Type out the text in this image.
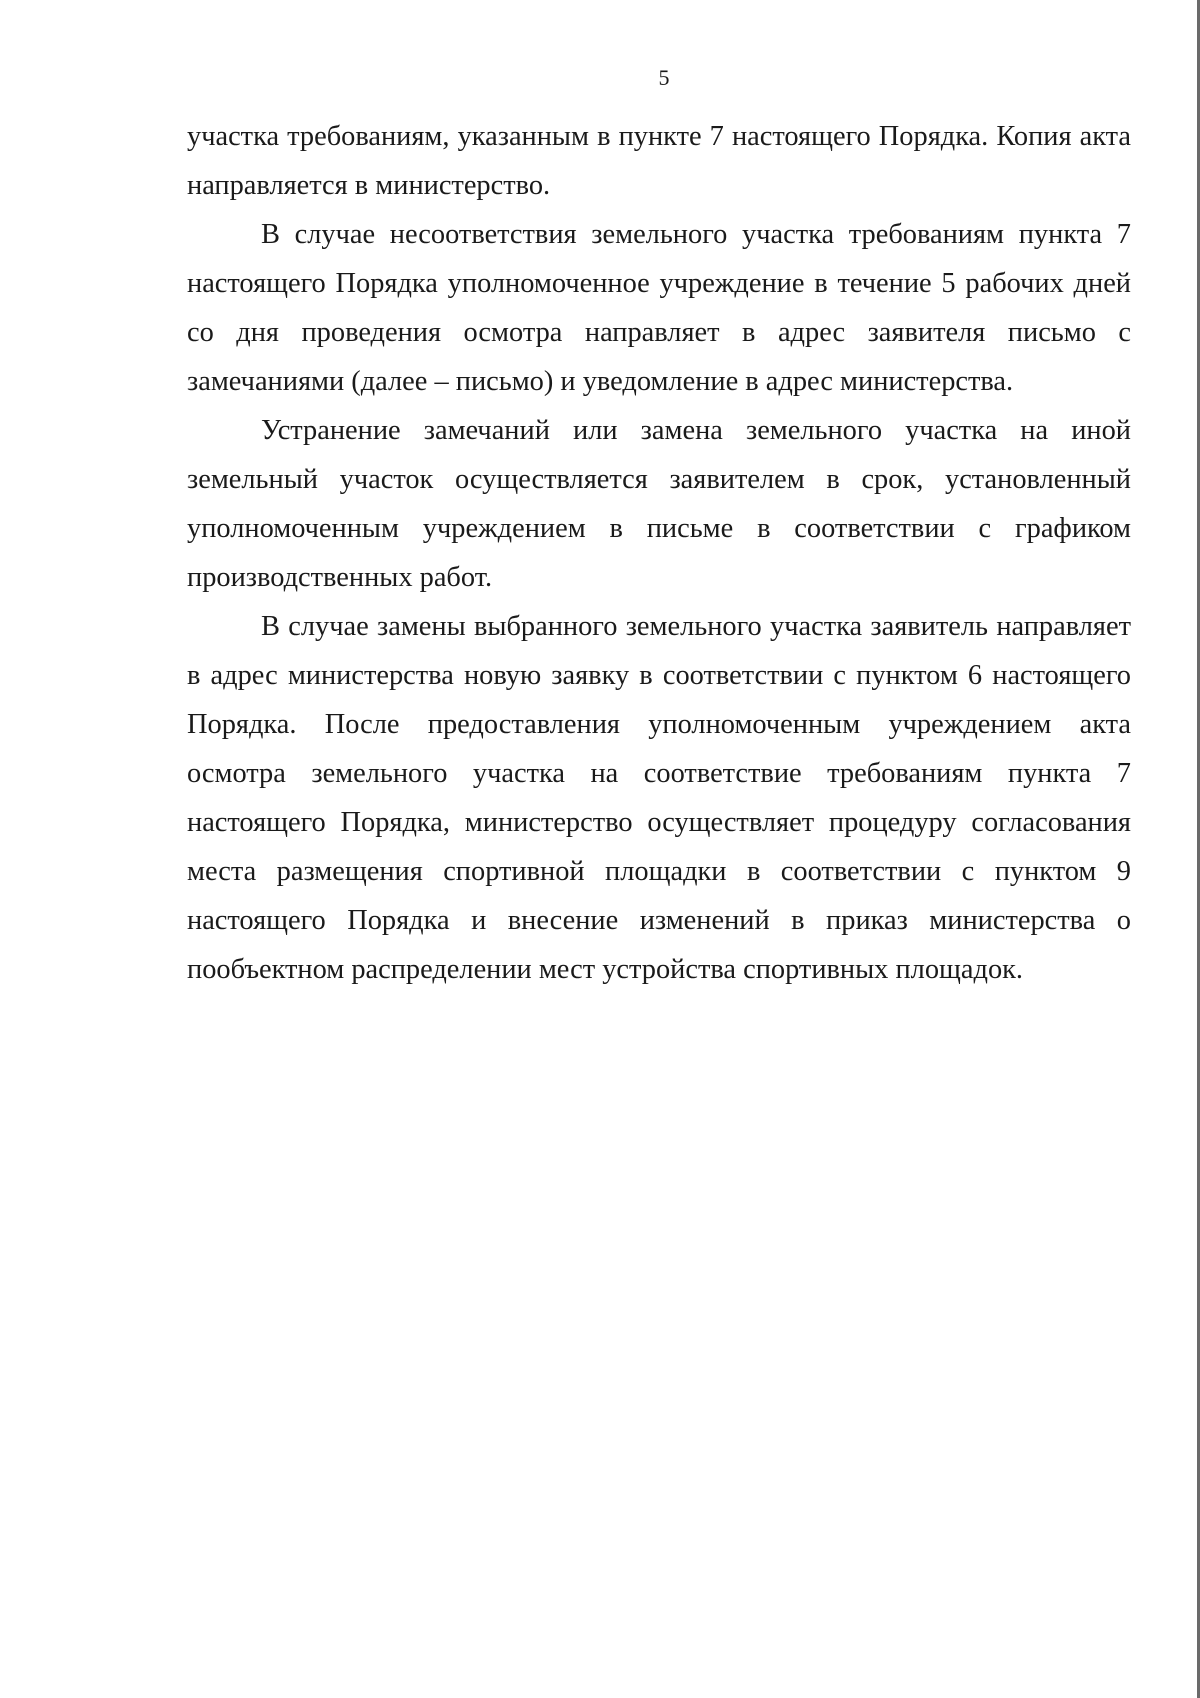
5

участка требованиям, указанным в пункте 7 настоящего Порядка. Копия акта направляется в министерство.

В случае несоответствия земельного участка требованиям пункта 7 настоящего Порядка уполномоченное учреждение в течение 5 рабочих дней со дня проведения осмотра направляет в адрес заявителя письмо с замечаниями (далее – письмо) и уведомление в адрес министерства.

Устранение замечаний или замена земельного участка на иной земельный участок осуществляется заявителем в срок, установленный уполномоченным учреждением в письме в соответствии с графиком производственных работ.

В случае замены выбранного земельного участка заявитель направляет в адрес министерства новую заявку в соответствии с пунктом 6 настоящего Порядка. После предоставления уполномоченным учреждением акта осмотра земельного участка на соответствие требованиям пункта 7 настоящего Порядка, министерство осуществляет процедуру согласования места размещения спортивной площадки в соответствии с пунктом 9 настоящего Порядка и внесение изменений в приказ министерства о пообъектном распределении мест устройства спортивных площадок.
